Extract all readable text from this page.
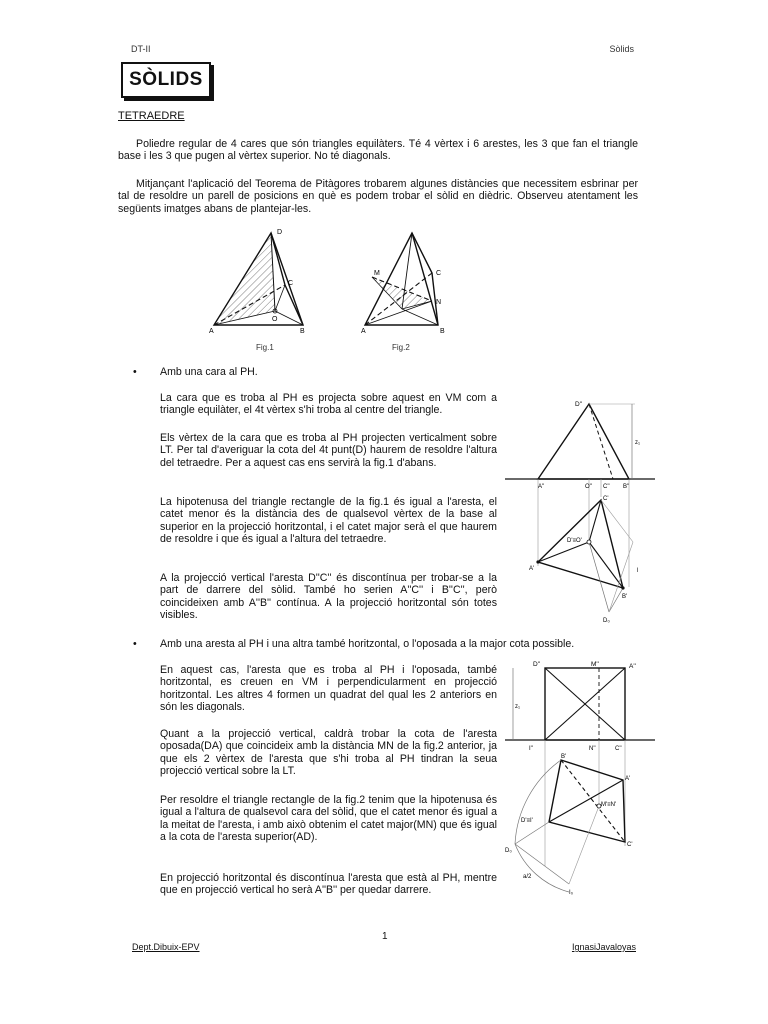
DT-II	Sòlids
SÒLIDS
TETRAEDRE

Poliedre regular de 4 cares que són triangles equilàters. Té 4 vèrtex i 6 arestes, les 3 que fan el triangle base i les 3 que pugen al vèrtex superior. No té diagonals.

Mitjançant l'aplicació del Teorema de Pitàgores trobarem algunes distàncies que necessitem esbrinar per tal de resoldre un parell de posicions en què es podem trobar el sòlid en dièdric. Observeu atentament les següents imatges abans de plantejar-les.

D
C
A	B
O
Fig.1
M	C
N
A	B
Fig.2
• Amb una cara al PH.

La cara que es troba al PH es projecta sobre aquest en VM com a triangle equilàter, el 4t vèrtex s'hi troba al centre del triangle.

Els vèrtex de la cara que es troba al PH projecten verticalment sobre LT. Per tal d'averiguar la cota del 4t punt(D) haurem de resoldre l'altura del tetraedre. Per a aquest cas ens servirà la fig.1 d'abans.

La hipotenusa del triangle rectangle de la fig.1 és igual a l'aresta, el catet menor és la distància des de qualsevol vèrtex de la base al superior en la projecció horitzontal, i el catet major serà el que haurem de resoldre i que és igual a l'altura del tetraedre.

A la projecció vertical l'aresta D''C'' és discontínua per trobar-se a la part de darrere del sòlid. També ho serien A''C'' i B''C'', però coincideixen amb A''B'' contínua. A la projecció horitzontal són totes visibles.

D''
A''	O'' C'' B''
C'
D'≡O'
A'
B'
D₀
z₁
l
• Amb una aresta al PH i una altra també horitzontal, o l'oposada a la major cota possible.

En aquest cas, l'aresta que es troba al PH i l'oposada, també horitzontal, es creuen en VM i perpendicularment en projecció horitzontal. Les altres 4 formen un quadrat del qual les 2 anteriors en són les diagonals.

Quant a la projecció vertical, caldrà trobar la cota de l'aresta oposada(DA) que coincideix amb la distància MN de la fig.2 anterior, ja que els 2 vèrtex de l'aresta que s'hi troba al PH tindran la seua projecció vertical sobre la LT.

Per resoldre el triangle rectangle de la fig.2 tenim que la hipotenusa és igual a l'altura de qualsevol cara del sòlid, que el catet menor és igual a la meitat de l'aresta, i amb això obtenim el catet major(MN) que és igual a la cota de l'aresta superior(AD).

En projecció horitzontal és discontínua l'aresta que està al PH, mentre que en projecció vertical ho serà A''B'' per quedar darrere.

D''	M''	A''
I''	N''	C''
B'
A'
M'≡N'
D'≡I'
D₀
C'
I₀
z₁
a/2
1
Dept.Dibuix-EPV	IgnasiJavaloyas
